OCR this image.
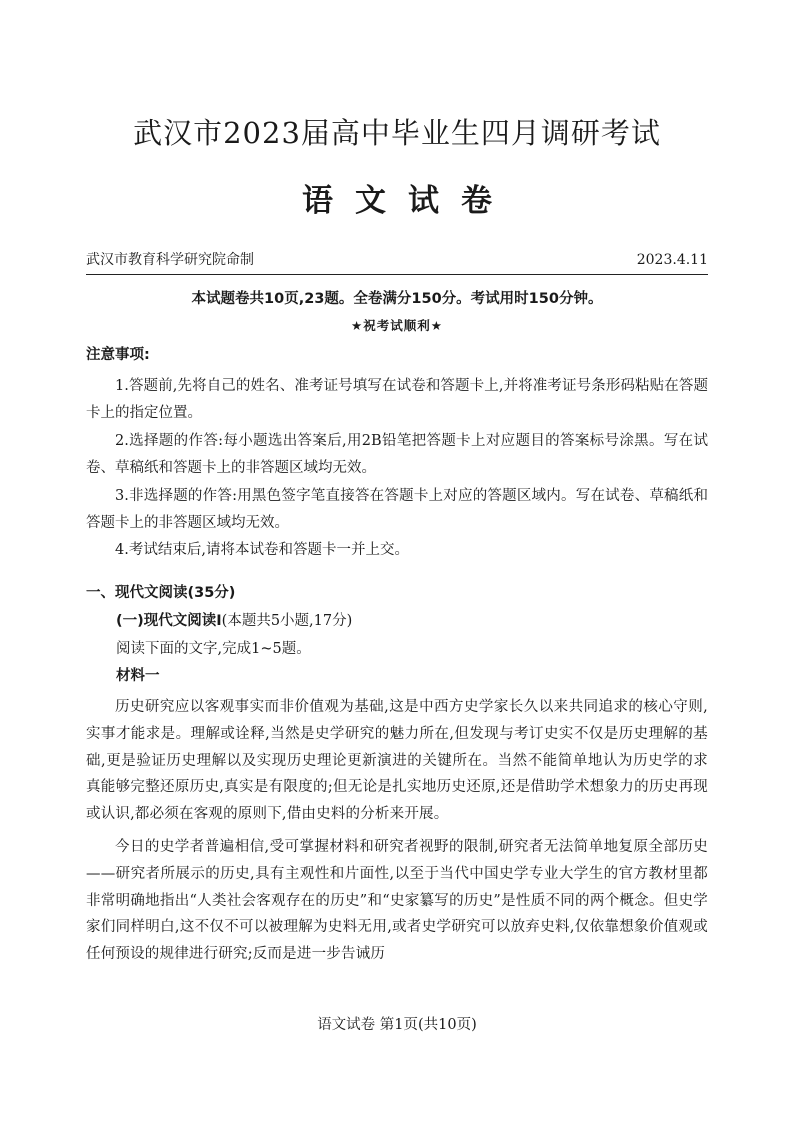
武汉市2023届高中毕业生四月调研考试
语文试卷
武汉市教育科学研究院命制	2023.4.11
本试题卷共10页,23题。全卷满分150分。考试用时150分钟。
★祝考试顺利★
注意事项:

1.答题前,先将自己的姓名、准考证号填写在试卷和答题卡上,并将准考证号条形码粘贴在答题卡上的指定位置。

2.选择题的作答:每小题选出答案后,用2B铅笔把答题卡上对应题目的答案标号涂黑。写在试卷、草稿纸和答题卡上的非答题区域均无效。

3.非选择题的作答:用黑色签字笔直接答在答题卡上对应的答题区域内。写在试卷、草稿纸和答题卡上的非答题区域均无效。

4.考试结束后,请将本试卷和答题卡一并上交。

一、现代文阅读(35分)
(一)现代文阅读Ⅰ(本题共5小题,17分)
阅读下面的文字,完成1~5题。
材料一

历史研究应以客观事实而非价值观为基础,这是中西方史学家长久以来共同追求的核心守则,实事才能求是。理解或诠释,当然是史学研究的魅力所在,但发现与考订史实不仅是历史理解的基础,更是验证历史理解以及实现历史理论更新演进的关键所在。当然不能简单地认为历史学的求真能够完整还原历史,真实是有限度的;但无论是扎实地历史还原,还是借助学术想象力的历史再现或认识,都必须在客观的原则下,借由史料的分析来开展。

今日的史学者普遍相信,受可掌握材料和研究者视野的限制,研究者无法简单地复原全部历史——研究者所展示的历史,具有主观性和片面性,以至于当代中国史学专业大学生的官方教材里都非常明确地指出“人类社会客观存在的历史”和“史家纂写的历史”是性质不同的两个概念。但史学家们同样明白,这不仅不可以被理解为史料无用,或者史学研究可以放弃史料,仅依靠想象价值观或任何预设的规律进行研究;反而是进一步告诫历

语文试卷 第1页(共10页)
